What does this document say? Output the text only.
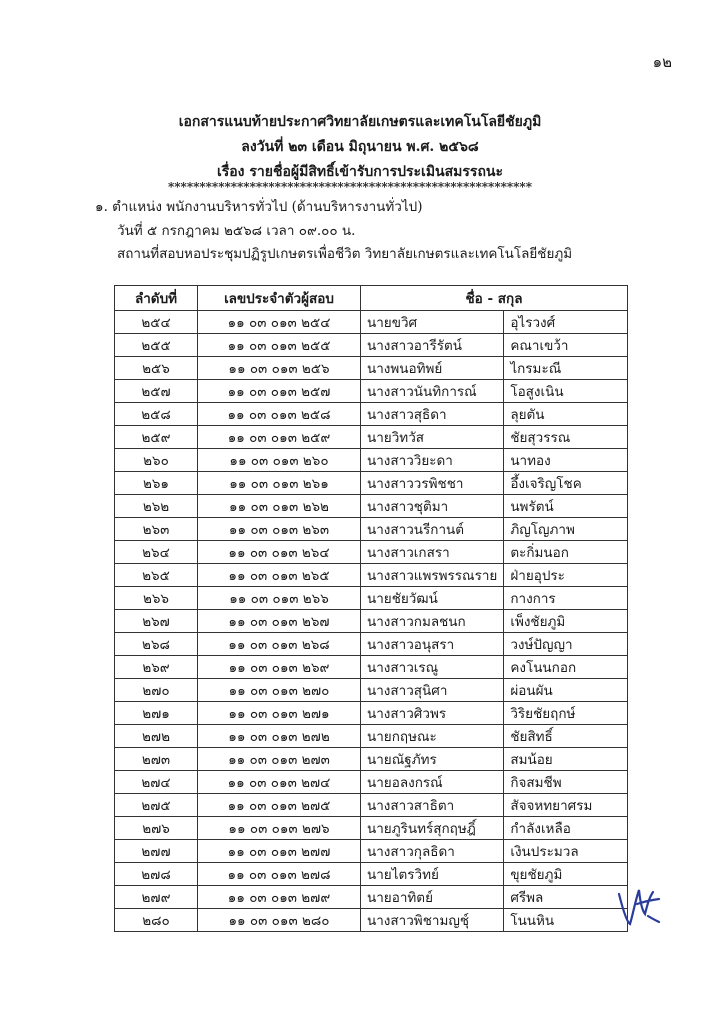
๑๒
เอกสารแนบท้ายประกาศวิทยาลัยเกษตรและเทคโนโลยีชัยภูมิ
ลงวันที่ ๒๓ เดือน มิถุนายน พ.ศ. ๒๕๖๘
เรื่อง รายชื่อผู้มีสิทธิ์เข้ารับการประเมินสมรรถนะ
**********************************************************
๑. ตำแหน่ง พนักงานบริหารทั่วไป (ด้านบริหารงานทั่วไป)
วันที่ ๕ กรกฎาคม ๒๕๖๘ เวลา ๐๙.๐๐ น.
สถานที่สอบหอประชุมปฏิรูปเกษตรเพื่อชีวิต วิทยาลัยเกษตรและเทคโนโลยีชัยภูมิ
ลำดับที่	เลขประจำตัวผู้สอบ	ชื่อ - สกุล	
๒๕๔	๑๑ ๐๓ ๐๑๓ ๒๕๔	นายขวิศ	อุไรวงศ์
๒๕๕	๑๑ ๐๓ ๐๑๓ ๒๕๕	นางสาวอารีรัตน์	คณาเขว้า
๒๕๖	๑๑ ๐๓ ๐๑๓ ๒๕๖	นางพนอทิพย์	ไกรมะณี
๒๕๗	๑๑ ๐๓ ๐๑๓ ๒๕๗	นางสาวนันทิการณ์	โอสูงเนิน
๒๕๘	๑๑ ๐๓ ๐๑๓ ๒๕๘	นางสาวสุธิดา	ลุยตัน
๒๕๙	๑๑ ๐๓ ๐๑๓ ๒๕๙	นายวิทวัส	ชัยสุวรรณ
๒๖๐	๑๑ ๐๓ ๐๑๓ ๒๖๐	นางสาววิยะดา	นาทอง
๒๖๑	๑๑ ๐๓ ๐๑๓ ๒๖๑	นางสาววรพิชชา	อึ้งเจริญโชค
๒๖๒	๑๑ ๐๓ ๐๑๓ ๒๖๒	นางสาวชุติมา	นพรัตน์
๒๖๓	๑๑ ๐๓ ๐๑๓ ๒๖๓	นางสาวนรีกานต์	ภิญโญภาพ
๒๖๔	๑๑ ๐๓ ๐๑๓ ๒๖๔	นางสาวเกสรา	ตะกิ่มนอก
๒๖๕	๑๑ ๐๓ ๐๑๓ ๒๖๕	นางสาวแพรพรรณราย	ฝ่ายอุประ
๒๖๖	๑๑ ๐๓ ๐๑๓ ๒๖๖	นายชัยวัฒน์	กางการ
๒๖๗	๑๑ ๐๓ ๐๑๓ ๒๖๗	นางสาวกมลชนก	เพ็งชัยภูมิ
๒๖๘	๑๑ ๐๓ ๐๑๓ ๒๖๘	นางสาวอนุสรา	วงษ์ปัญญา
๒๖๙	๑๑ ๐๓ ๐๑๓ ๒๖๙	นางสาวเรณู	คงโนนกอก
๒๗๐	๑๑ ๐๓ ๐๑๓ ๒๗๐	นางสาวสุนิศา	ผ่อนผัน
๒๗๑	๑๑ ๐๓ ๐๑๓ ๒๗๑	นางสาวศิวพร	วิริยชัยฤกษ์
๒๗๒	๑๑ ๐๓ ๐๑๓ ๒๗๒	นายกฤษณะ	ชัยสิทธิ์
๒๗๓	๑๑ ๐๓ ๐๑๓ ๒๗๓	นายณัฐภัทร	สมน้อย
๒๗๔	๑๑ ๐๓ ๐๑๓ ๒๗๔	นายอลงกรณ์	กิจสมชีพ
๒๗๕	๑๑ ๐๓ ๐๑๓ ๒๗๕	นางสาวสาธิตา	สัจจหทยาศรม
๒๗๖	๑๑ ๐๓ ๐๑๓ ๒๗๖	นายภูรินทร์สุกฤษฎิ์	กำลังเหลือ
๒๗๗	๑๑ ๐๓ ๐๑๓ ๒๗๗	นางสาวกุลธิดา	เงินประมวล
๒๗๘	๑๑ ๐๓ ๐๑๓ ๒๗๘	นายไตรวิทย์	ขุยชัยภูมิ
๒๗๙	๑๑ ๐๓ ๐๑๓ ๒๗๙	นายอาทิตย์	ศรีพล
๒๘๐	๑๑ ๐๓ ๐๑๓ ๒๘๐	นางสาวพิชามญชุ์	โนนหิน
